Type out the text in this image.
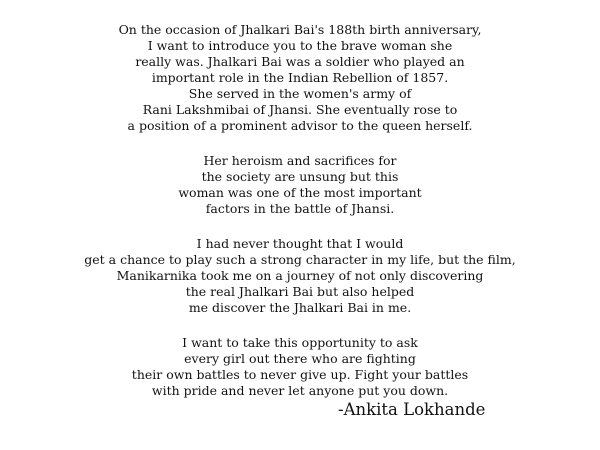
On the occasion of Jhalkari Bai's 188th birth anniversary,
I want to introduce you to the brave woman she
really was. Jhalkari Bai was a soldier who played an
important role in the Indian Rebellion of 1857.
She served in the women's army of
Rani Lakshmibai of Jhansi. She eventually rose to
a position of a prominent advisor to the queen herself.
Her heroism and sacrifices for
the society are unsung but this
woman was one of the most important
factors in the battle of Jhansi.
I had never thought that I would
get a chance to play such a strong character in my life, but the film,
Manikarnika took me on a journey of not only discovering
the real Jhalkari Bai but also helped
me discover the Jhalkari Bai in me.
I want to take this opportunity to ask
every girl out there who are fighting
their own battles to never give up. Fight your battles
with pride and never let anyone put you down.
-Ankita Lokhande
